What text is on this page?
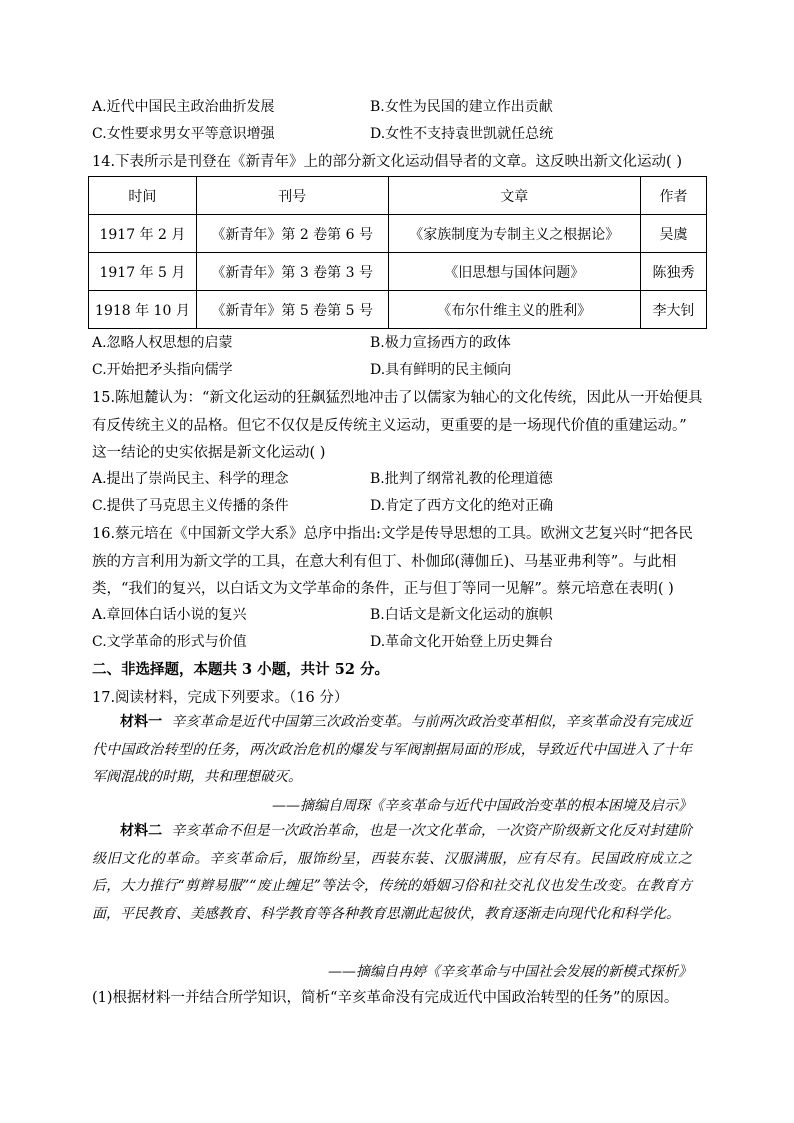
A.近代中国民主政治曲折发展	B.女性为民国的建立作出贡献
C.女性要求男女平等意识增强	D.女性不支持袁世凯就任总统
14.下表所示是刊登在《新青年》上的部分新文化运动倡导者的文章。这反映出新文化运动( )
时间	刊号	文章	作者
1917 年 2 月	《新青年》第 2 卷第 6 号	《家族制度为专制主义之根据论》	吴虞
1917 年 5 月	《新青年》第 3 卷第 3 号	《旧思想与国体问题》	陈独秀
1918 年 10 月	《新青年》第 5 卷第 5 号	《布尔什维主义的胜利》	李大钊
A.忽略人权思想的启蒙	B.极力宣扬西方的政体
C.开始把矛头指向儒学	D.具有鲜明的民主倾向
15.陈旭麓认为：“新文化运动的狂飙猛烈地冲击了以儒家为轴心的文化传统，因此从一开始便具
有反传统主义的品格。但它不仅仅是反传统主义运动，更重要的是一场现代价值的重建运动。”
这一结论的史实依据是新文化运动( )
A.提出了崇尚民主、科学的理念	B.批判了纲常礼教的伦理道德
C.提供了马克思主义传播的条件	D.肯定了西方文化的绝对正确
16.蔡元培在《中国新文学大系》总序中指出:文学是传导思想的工具。欧洲文艺复兴时“把各民
族的方言利用为新文学的工具，在意大利有但丁、朴伽邱(薄伽丘)、马基亚弗利等”。与此相
类，“我们的复兴，以白话文为文学革命的条件，正与但丁等同一见解”。蔡元培意在表明( )
A.章回体白话小说的复兴	B.白话文是新文化运动的旗帜
C.文学革命的形式与价值	D.革命文化开始登上历史舞台
二、非选择题，本题共 3 小题，共计 52 分。
17.阅读材料，完成下列要求。（16 分）
材料一 辛亥革命是近代中国第三次政治变革。与前两次政治变革相似，辛亥革命没有完成近代中国政治转型的任务，两次政治危机的爆发与军阀割据局面的形成，导致近代中国进入了十年军阀混战的时期，共和理想破灭。
——摘编自周琛《辛亥革命与近代中国政治变革的根本困境及启示》
材料二 辛亥革命不但是一次政治革命，也是一次文化革命，一次资产阶级新文化反对封建阶级旧文化的革命。辛亥革命后，服饰纷呈，西装东装、汉服满服，应有尽有。民国政府成立之后，大力推行“剪辫易服”“废止缠足”等法令，传统的婚姻习俗和社交礼仪也发生改变。在教育方面，平民教育、美感教育、科学教育等各种教育思潮此起彼伏，教育逐渐走向现代化和科学化。
——摘编自冉婷《辛亥革命与中国社会发展的新模式探析》
(1)根据材料一并结合所学知识，简析“辛亥革命没有完成近代中国政治转型的任务”的原因。
